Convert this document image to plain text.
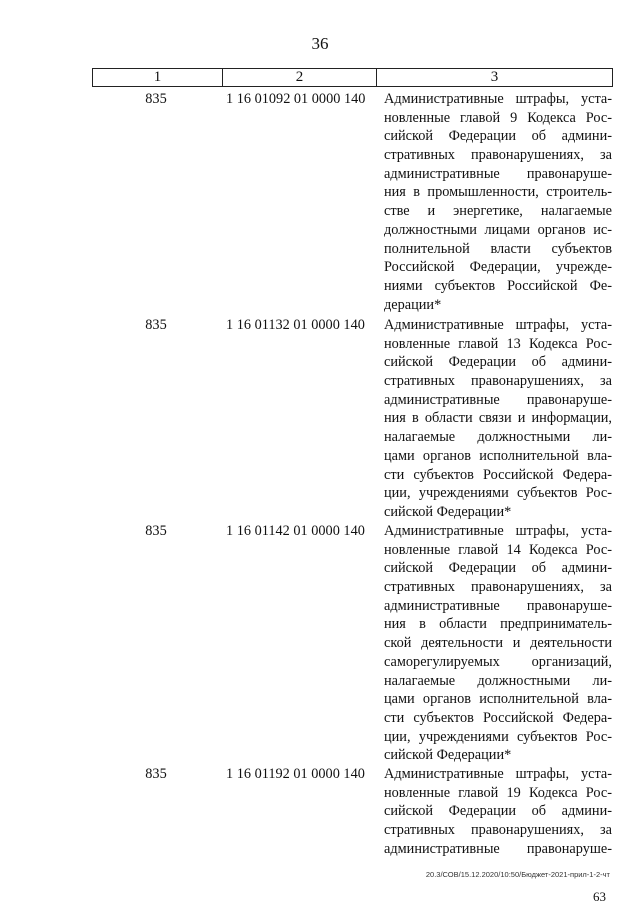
36
1	2	3
835	1 16 01092 01 0000 140	Административные штрафы, уста-
новленные главой 9 Кодекса Рос-
сийской Федерации об админи-
стративных правонарушениях, за
административные правонаруше-
ния в промышленности, строитель-
стве и энергетике, налагаемые
должностными лицами органов ис-
полнительной власти субъектов
Российской Федерации, учрежде-
ниями субъектов Российской Фе-
дерации*
835	1 16 01132 01 0000 140	Административные штрафы, уста-
новленные главой 13 Кодекса Рос-
сийской Федерации об админи-
стративных правонарушениях, за
административные правонаруше-
ния в области связи и информации,
налагаемые должностными ли-
цами органов исполнительной вла-
сти субъектов Российской Федера-
ции, учреждениями субъектов Рос-
сийской Федерации*
835	1 16 01142 01 0000 140	Административные штрафы, уста-
новленные главой 14 Кодекса Рос-
сийской Федерации об админи-
стративных правонарушениях, за
административные правонаруше-
ния в области предприниматель-
ской деятельности и деятельности
саморегулируемых организаций,
налагаемые должностными ли-
цами органов исполнительной вла-
сти субъектов Российской Федера-
ции, учреждениями субъектов Рос-
сийской Федерации*
835	1 16 01192 01 0000 140	Административные штрафы, уста-
новленные главой 19 Кодекса Рос-
сийской Федерации об админи-
стративных правонарушениях, за
административные правонаруше-
20.3/СОВ/15.12.2020/10:50/Бюджет-2021-прил-1-2-чт
63
